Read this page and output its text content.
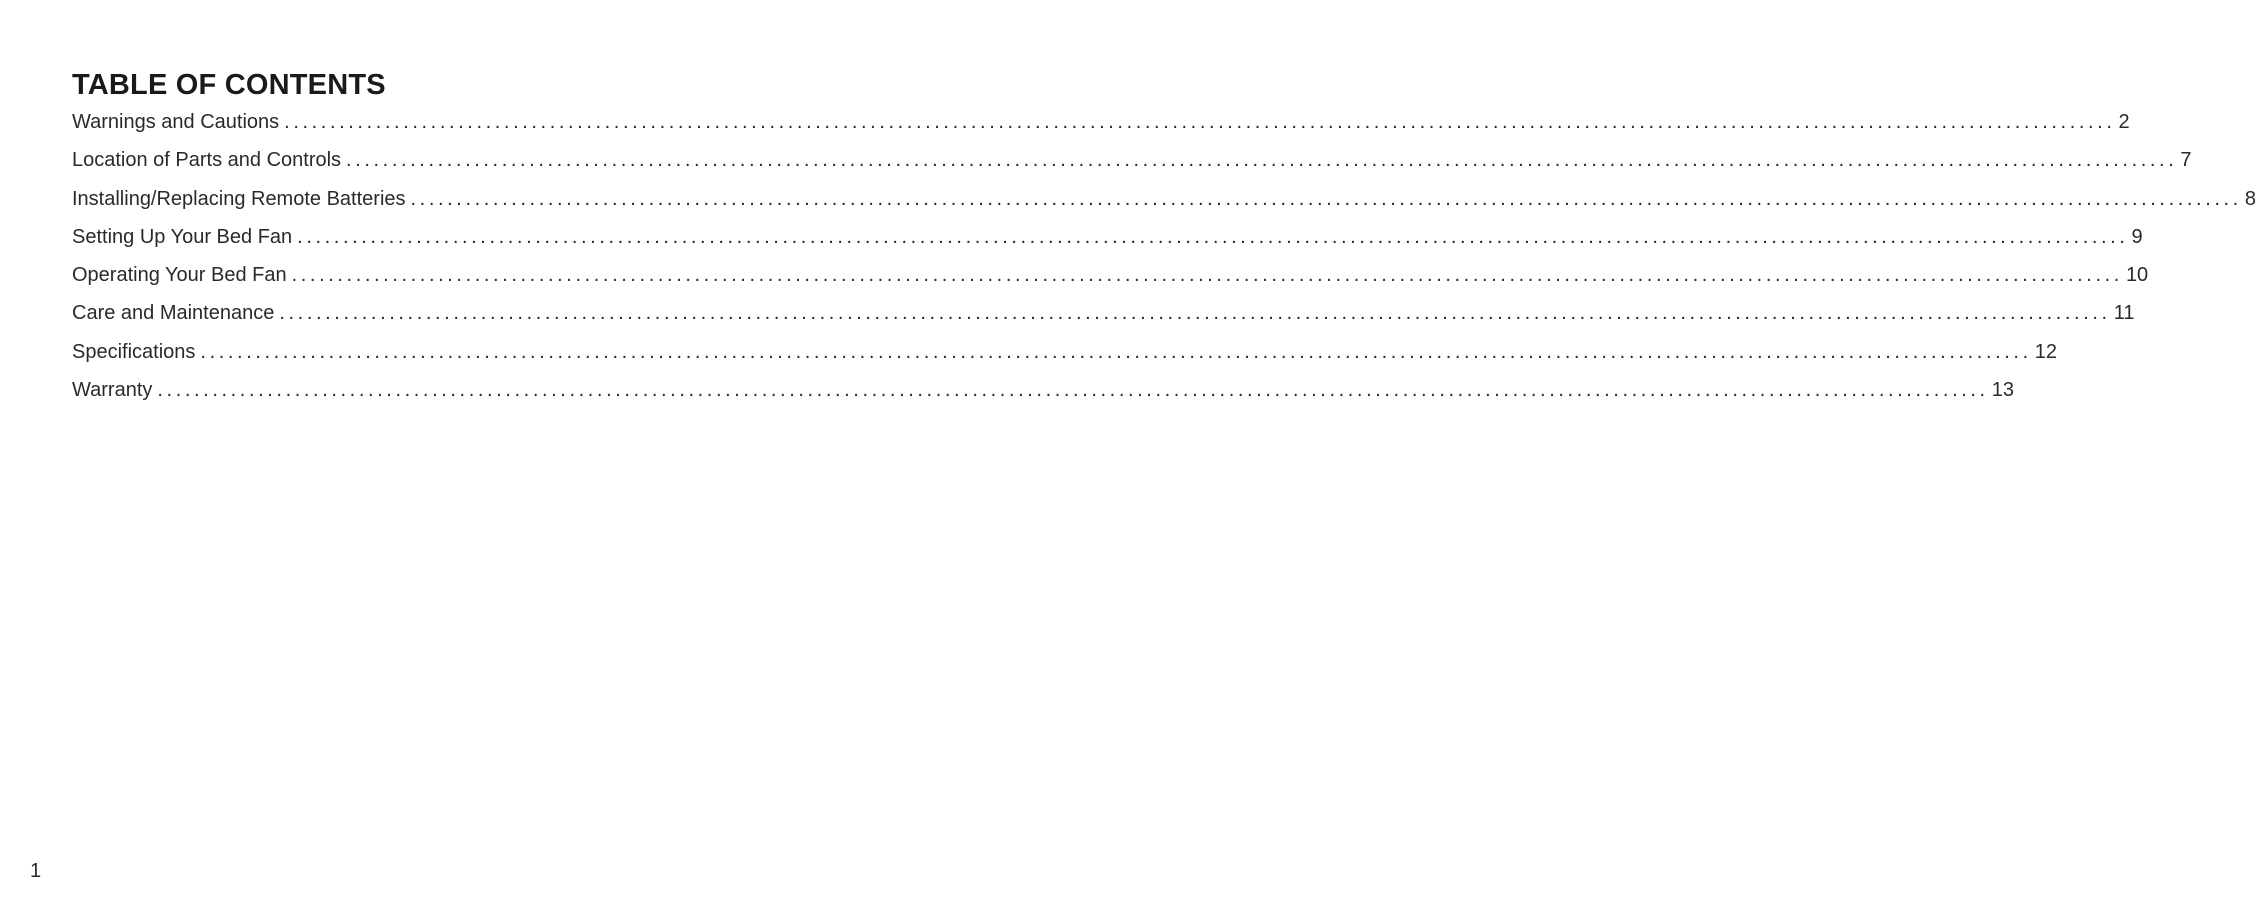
TABLE OF CONTENTS
Warnings and Cautions ........................................................................................................................................................................................................ 2
Location of Parts and Controls ........................................................................................................................................................................................................ 7
Installing/Replacing Remote Batteries ........................................................................................................................................................................................................ 8
Setting Up Your Bed Fan ........................................................................................................................................................................................................ 9
Operating Your Bed Fan ........................................................................................................................................................................................................ 10
Care and Maintenance ........................................................................................................................................................................................................ 11
Specifications ........................................................................................................................................................................................................ 12
Warranty ........................................................................................................................................................................................................ 13
1
